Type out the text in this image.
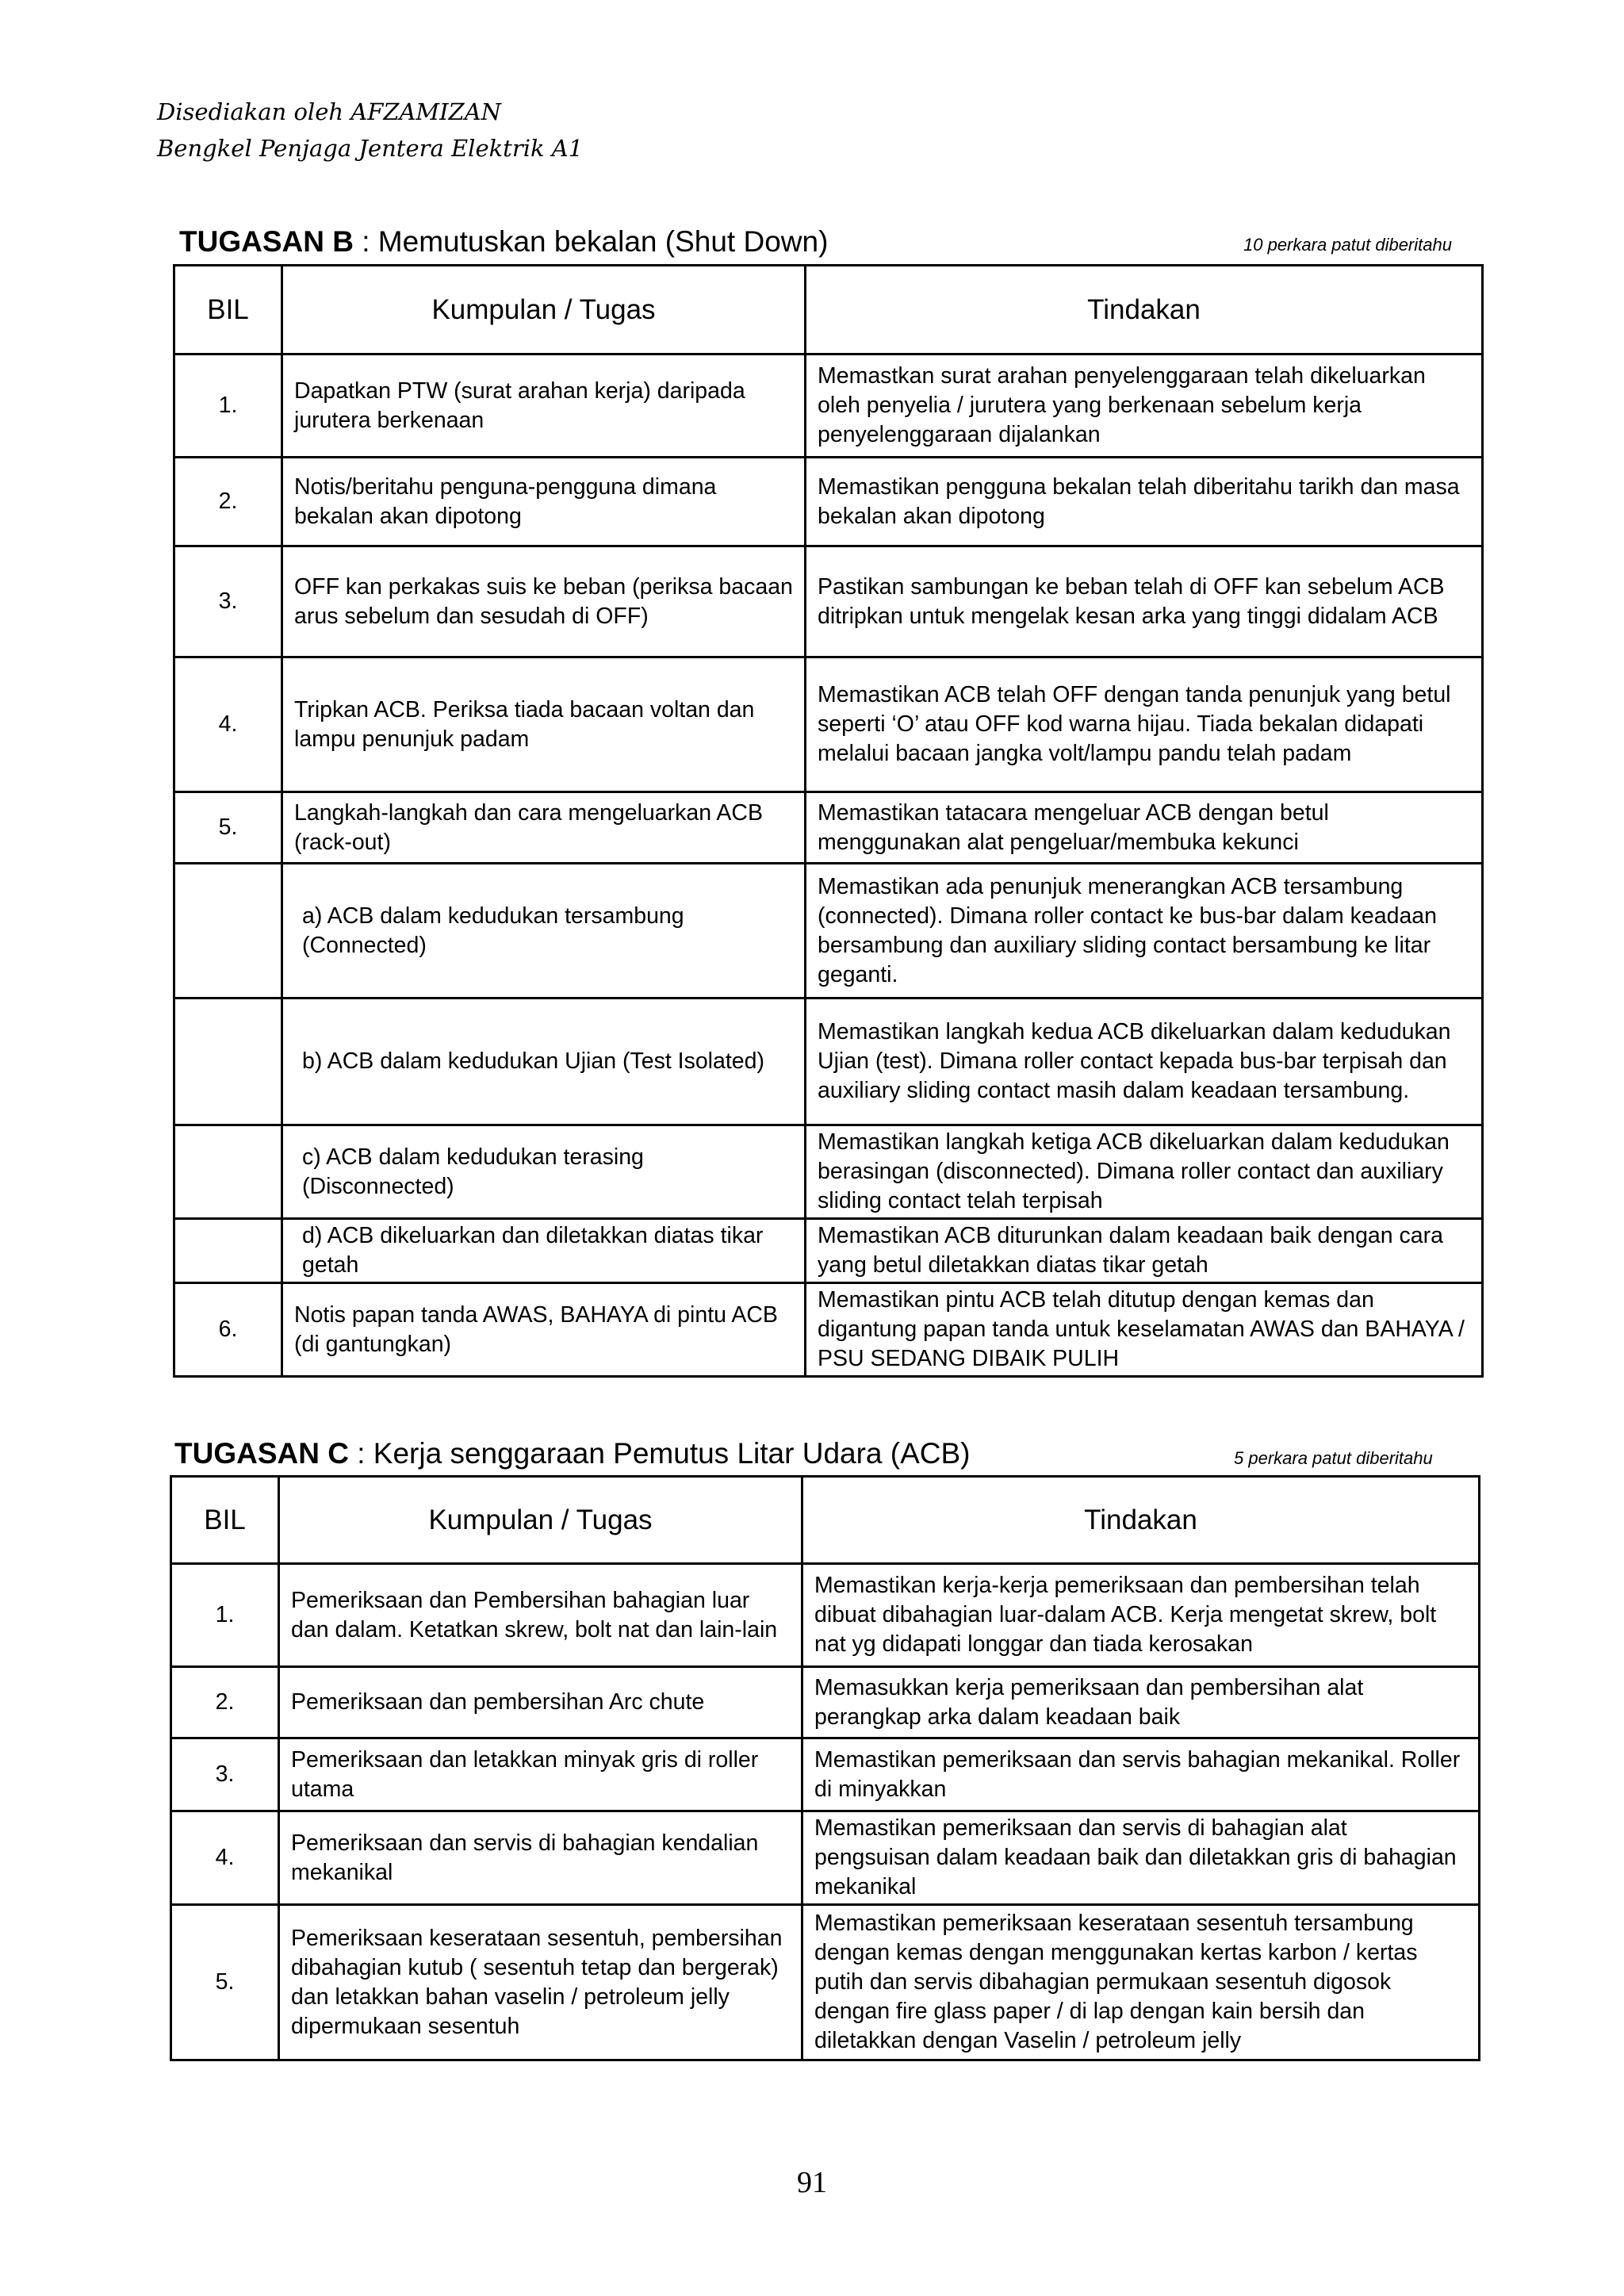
Disediakan oleh AFZAMIZAN
Bengkel Penjaga Jentera Elektrik A1
TUGASAN B : Memutuskan bekalan (Shut Down)	10 perkara patut diberitahu
BIL	Kumpulan / Tugas	Tindakan
1.	Dapatkan PTW (surat arahan kerja) daripada jurutera berkenaan	Memastkan surat arahan penyelenggaraan telah dikeluarkan oleh penyelia / jurutera yang berkenaan sebelum kerja penyelenggaraan dijalankan
2.	Notis/beritahu penguna-pengguna dimana bekalan akan dipotong	Memastikan pengguna bekalan telah diberitahu tarikh dan masa bekalan akan dipotong
3.	OFF kan perkakas suis ke beban (periksa bacaan arus sebelum dan sesudah di OFF)	Pastikan sambungan ke beban telah di OFF kan sebelum ACB ditripkan untuk mengelak kesan arka yang tinggi didalam ACB
4.	Tripkan ACB. Periksa tiada bacaan voltan dan lampu penunjuk padam	Memastikan ACB telah OFF dengan tanda penunjuk yang betul seperti ‘O’ atau OFF kod warna hijau. Tiada bekalan didapati melalui bacaan jangka volt/lampu pandu telah padam
5.	Langkah-langkah dan cara mengeluarkan ACB (rack-out)	Memastikan tatacara mengeluar ACB dengan betul menggunakan alat pengeluar/membuka kekunci
	a) ACB dalam kedudukan tersambung (Connected)	Memastikan ada penunjuk menerangkan ACB tersambung (connected). Dimana roller contact ke bus-bar dalam keadaan bersambung dan auxiliary sliding contact bersambung ke litar geganti.
	b) ACB dalam kedudukan Ujian (Test Isolated)	Memastikan langkah kedua ACB dikeluarkan dalam kedudukan Ujian (test). Dimana roller contact kepada bus-bar terpisah dan auxiliary sliding contact masih dalam keadaan tersambung.
	c) ACB dalam kedudukan terasing (Disconnected)	Memastikan langkah ketiga ACB dikeluarkan dalam kedudukan berasingan (disconnected). Dimana roller contact dan auxiliary sliding contact telah terpisah
	d) ACB dikeluarkan dan diletakkan diatas tikar getah	Memastikan ACB diturunkan dalam keadaan baik dengan cara yang betul diletakkan diatas tikar getah
6.	Notis papan tanda AWAS, BAHAYA di pintu ACB (di gantungkan)	Memastikan pintu ACB telah ditutup dengan kemas dan digantung papan tanda untuk keselamatan AWAS dan BAHAYA / PSU SEDANG DIBAIK PULIH
TUGASAN C : Kerja senggaraan Pemutus Litar Udara (ACB)	5 perkara patut diberitahu
BIL	Kumpulan / Tugas	Tindakan
1.	Pemeriksaan dan Pembersihan bahagian luar dan dalam. Ketatkan skrew, bolt nat dan lain-lain	Memastikan kerja-kerja pemeriksaan dan pembersihan telah dibuat dibahagian luar-dalam ACB. Kerja mengetat skrew, bolt nat yg didapati longgar dan tiada kerosakan
2.	Pemeriksaan dan pembersihan Arc chute	Memasukkan kerja pemeriksaan dan pembersihan alat perangkap arka dalam keadaan baik
3.	Pemeriksaan dan letakkan minyak gris di roller utama	Memastikan pemeriksaan dan servis bahagian mekanikal. Roller di minyakkan
4.	Pemeriksaan dan servis di bahagian kendalian mekanikal	Memastikan pemeriksaan dan servis di bahagian alat pengsuisan dalam keadaan baik dan diletakkan gris di bahagian mekanikal
5.	Pemeriksaan keserataan sesentuh, pembersihan dibahagian kutub ( sesentuh tetap dan bergerak) dan letakkan bahan vaselin / petroleum jelly dipermukaan sesentuh	Memastikan pemeriksaan keserataan sesentuh tersambung dengan kemas dengan menggunakan kertas karbon / kertas putih dan servis dibahagian permukaan sesentuh digosok dengan fire glass paper / di lap dengan kain bersih dan diletakkan dengan Vaselin / petroleum jelly
91
